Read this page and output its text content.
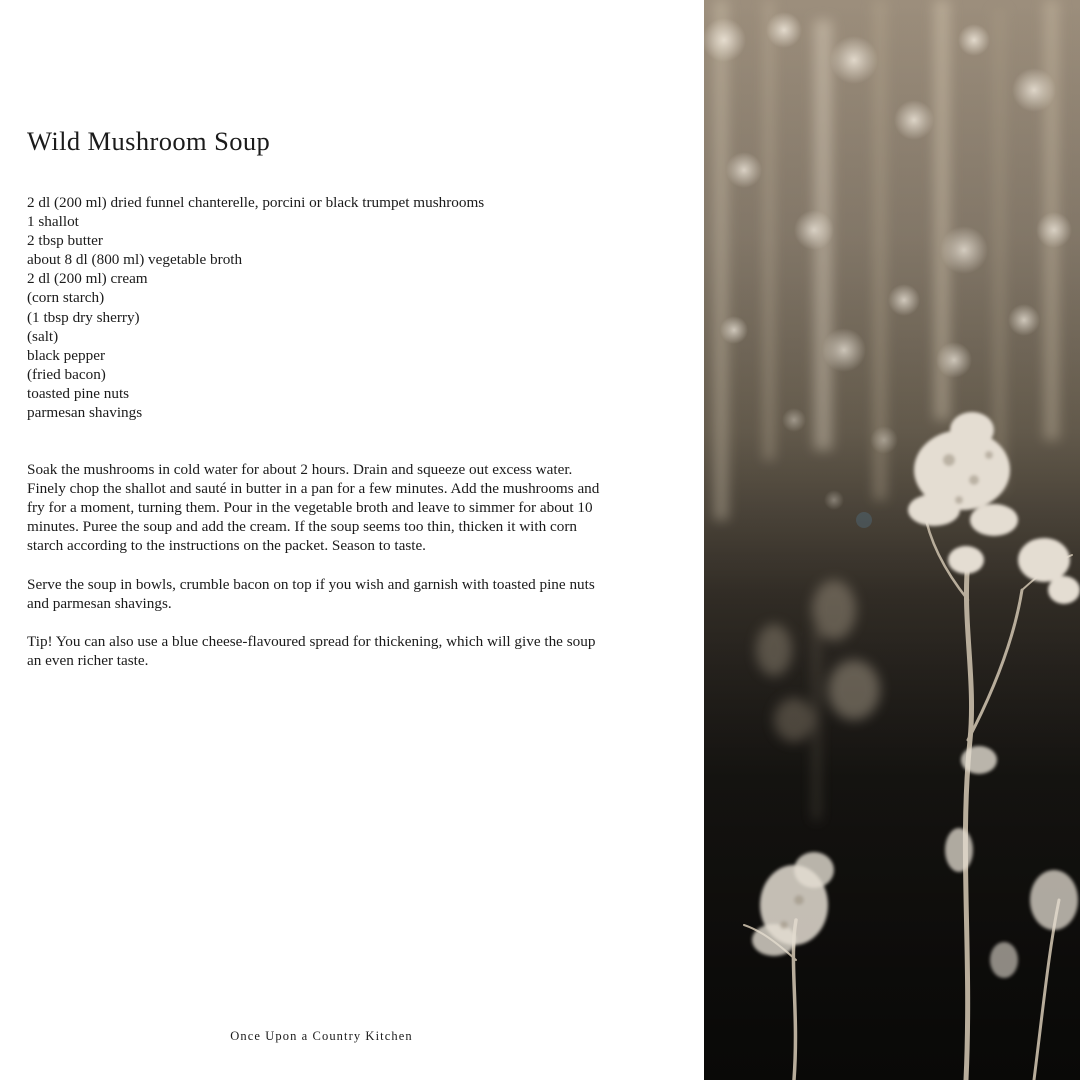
Wild Mushroom Soup
2 dl (200 ml) dried funnel chanterelle, porcini or black trumpet mushrooms
1 shallot
2 tbsp butter
about 8 dl (800 ml) vegetable broth
2 dl (200 ml) cream
(corn starch)
(1 tbsp dry sherry)
(salt)
black pepper
(fried bacon)
toasted pine nuts
parmesan shavings

Soak the mushrooms in cold water for about 2 hours. Drain and squeeze out excess water. Finely chop the shallot and sauté in butter in a pan for a few minutes. Add the mushrooms and fry for a moment, turning them. Pour in the vegetable broth and leave to simmer for about 10 minutes. Puree the soup and add the cream. If the soup seems too thin, thicken it with corn starch according to the instructions on the packet. Season to taste.

Serve the soup in bowls, crumble bacon on top if you wish and garnish with toasted pine nuts and parmesan shavings.

Tip! You can also use a blue cheese-flavoured spread for thickening, which will give the soup an even richer taste.

Once Upon a Country Kitchen
